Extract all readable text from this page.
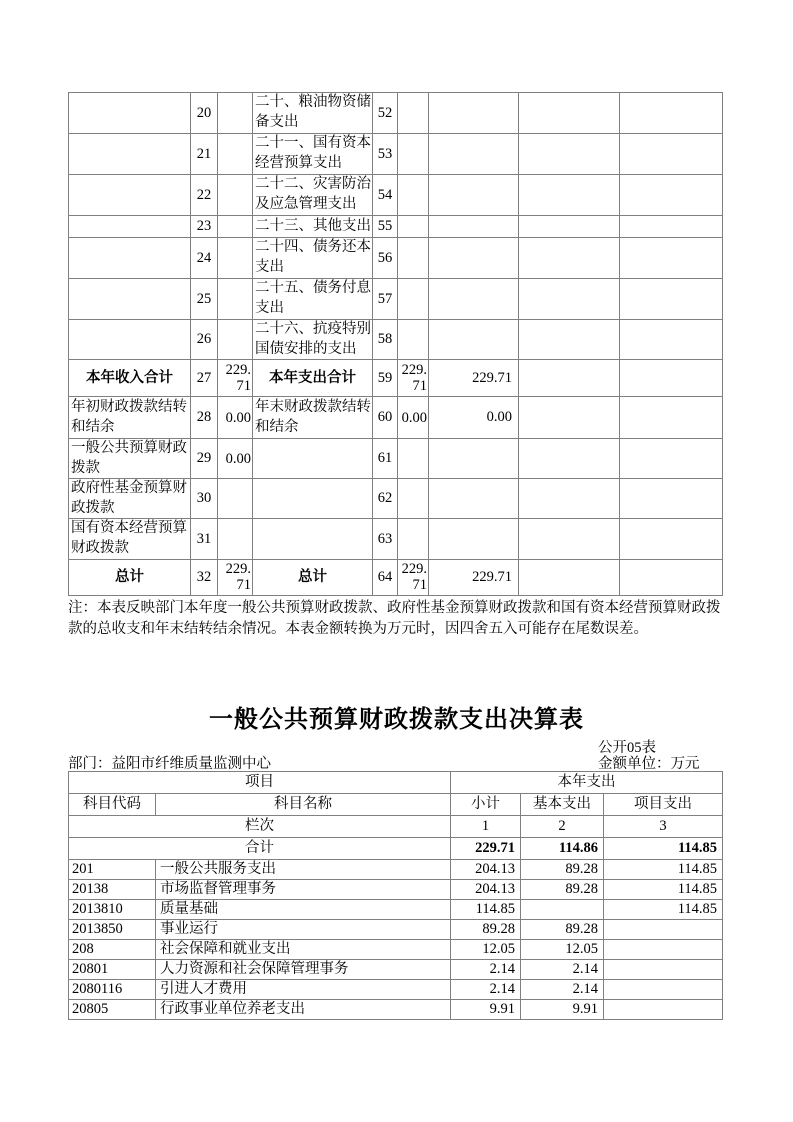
	20		二十、粮油物资储备支出	52				
	21		二十一、国有资本经营预算支出	53				
	22		二十二、灾害防治及应急管理支出	54				
	23		二十三、其他支出	55				
	24		二十四、债务还本支出	56				
	25		二十五、债务付息支出	57				
	26		二十六、抗疫特别国债安排的支出	58				
本年收入合计	27	229.71	本年支出合计	59	229.71	229.71		
年初财政拨款结转和结余	28	0.00	年末财政拨款结转和结余	60	0.00	0.00		
一般公共预算财政拨款	29	0.00		61				
政府性基金预算财政拨款	30			62				
国有资本经营预算财政拨款	31			63				
总计	32	229.71	总计	64	229.71	229.71		
注：本表反映部门本年度一般公共预算财政拨款、政府性基金预算财政拨款和国有资本经营预算财政拨款的总收支和年末结转结余情况。本表金额转换为万元时，因四舍五入可能存在尾数误差。
一般公共预算财政拨款支出决算表
公开05表
部门：益阳市纤维质量监测中心	金额单位：万元
项目		本年支出		
科目代码	科目名称	小计	基本支出	项目支出
栏次		1	2	3
合计		229.71	114.86	114.85
201	一般公共服务支出	204.13	89.28	114.85
20138	市场监督管理事务	204.13	89.28	114.85
2013810	质量基础	114.85		114.85
2013850	事业运行	89.28	89.28	
208	社会保障和就业支出	12.05	12.05	
20801	人力资源和社会保障管理事务	2.14	2.14	
2080116	引进人才费用	2.14	2.14	
20805	行政事业单位养老支出	9.91	9.91	
